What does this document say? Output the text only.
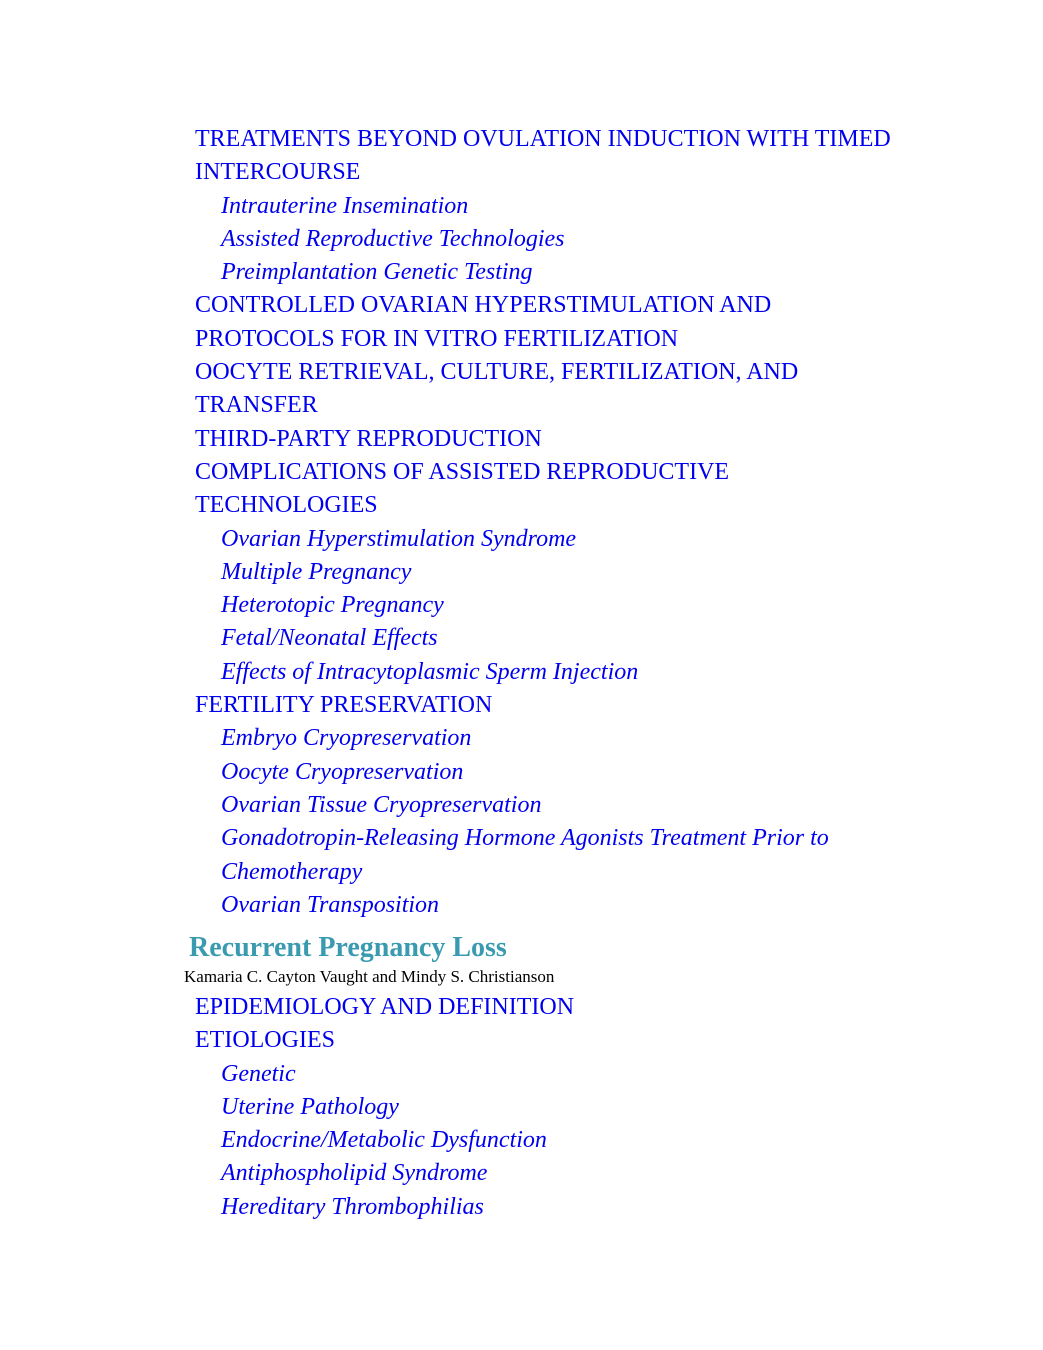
TREATMENTS BEYOND OVULATION INDUCTION WITH TIMED INTERCOURSE
Intrauterine Insemination
Assisted Reproductive Technologies
Preimplantation Genetic Testing
CONTROLLED OVARIAN HYPERSTIMULATION AND PROTOCOLS FOR IN VITRO FERTILIZATION
OOCYTE RETRIEVAL, CULTURE, FERTILIZATION, AND TRANSFER
THIRD-PARTY REPRODUCTION
COMPLICATIONS OF ASSISTED REPRODUCTIVE TECHNOLOGIES
Ovarian Hyperstimulation Syndrome
Multiple Pregnancy
Heterotopic Pregnancy
Fetal/Neonatal Effects
Effects of Intracytoplasmic Sperm Injection
FERTILITY PRESERVATION
Embryo Cryopreservation
Oocyte Cryopreservation
Ovarian Tissue Cryopreservation
Gonadotropin-Releasing Hormone Agonists Treatment Prior to Chemotherapy
Ovarian Transposition
Recurrent Pregnancy Loss
Kamaria C. Cayton Vaught and Mindy S. Christianson
EPIDEMIOLOGY AND DEFINITION
ETIOLOGIES
Genetic
Uterine Pathology
Endocrine/Metabolic Dysfunction
Antiphospholipid Syndrome
Hereditary Thrombophilias
